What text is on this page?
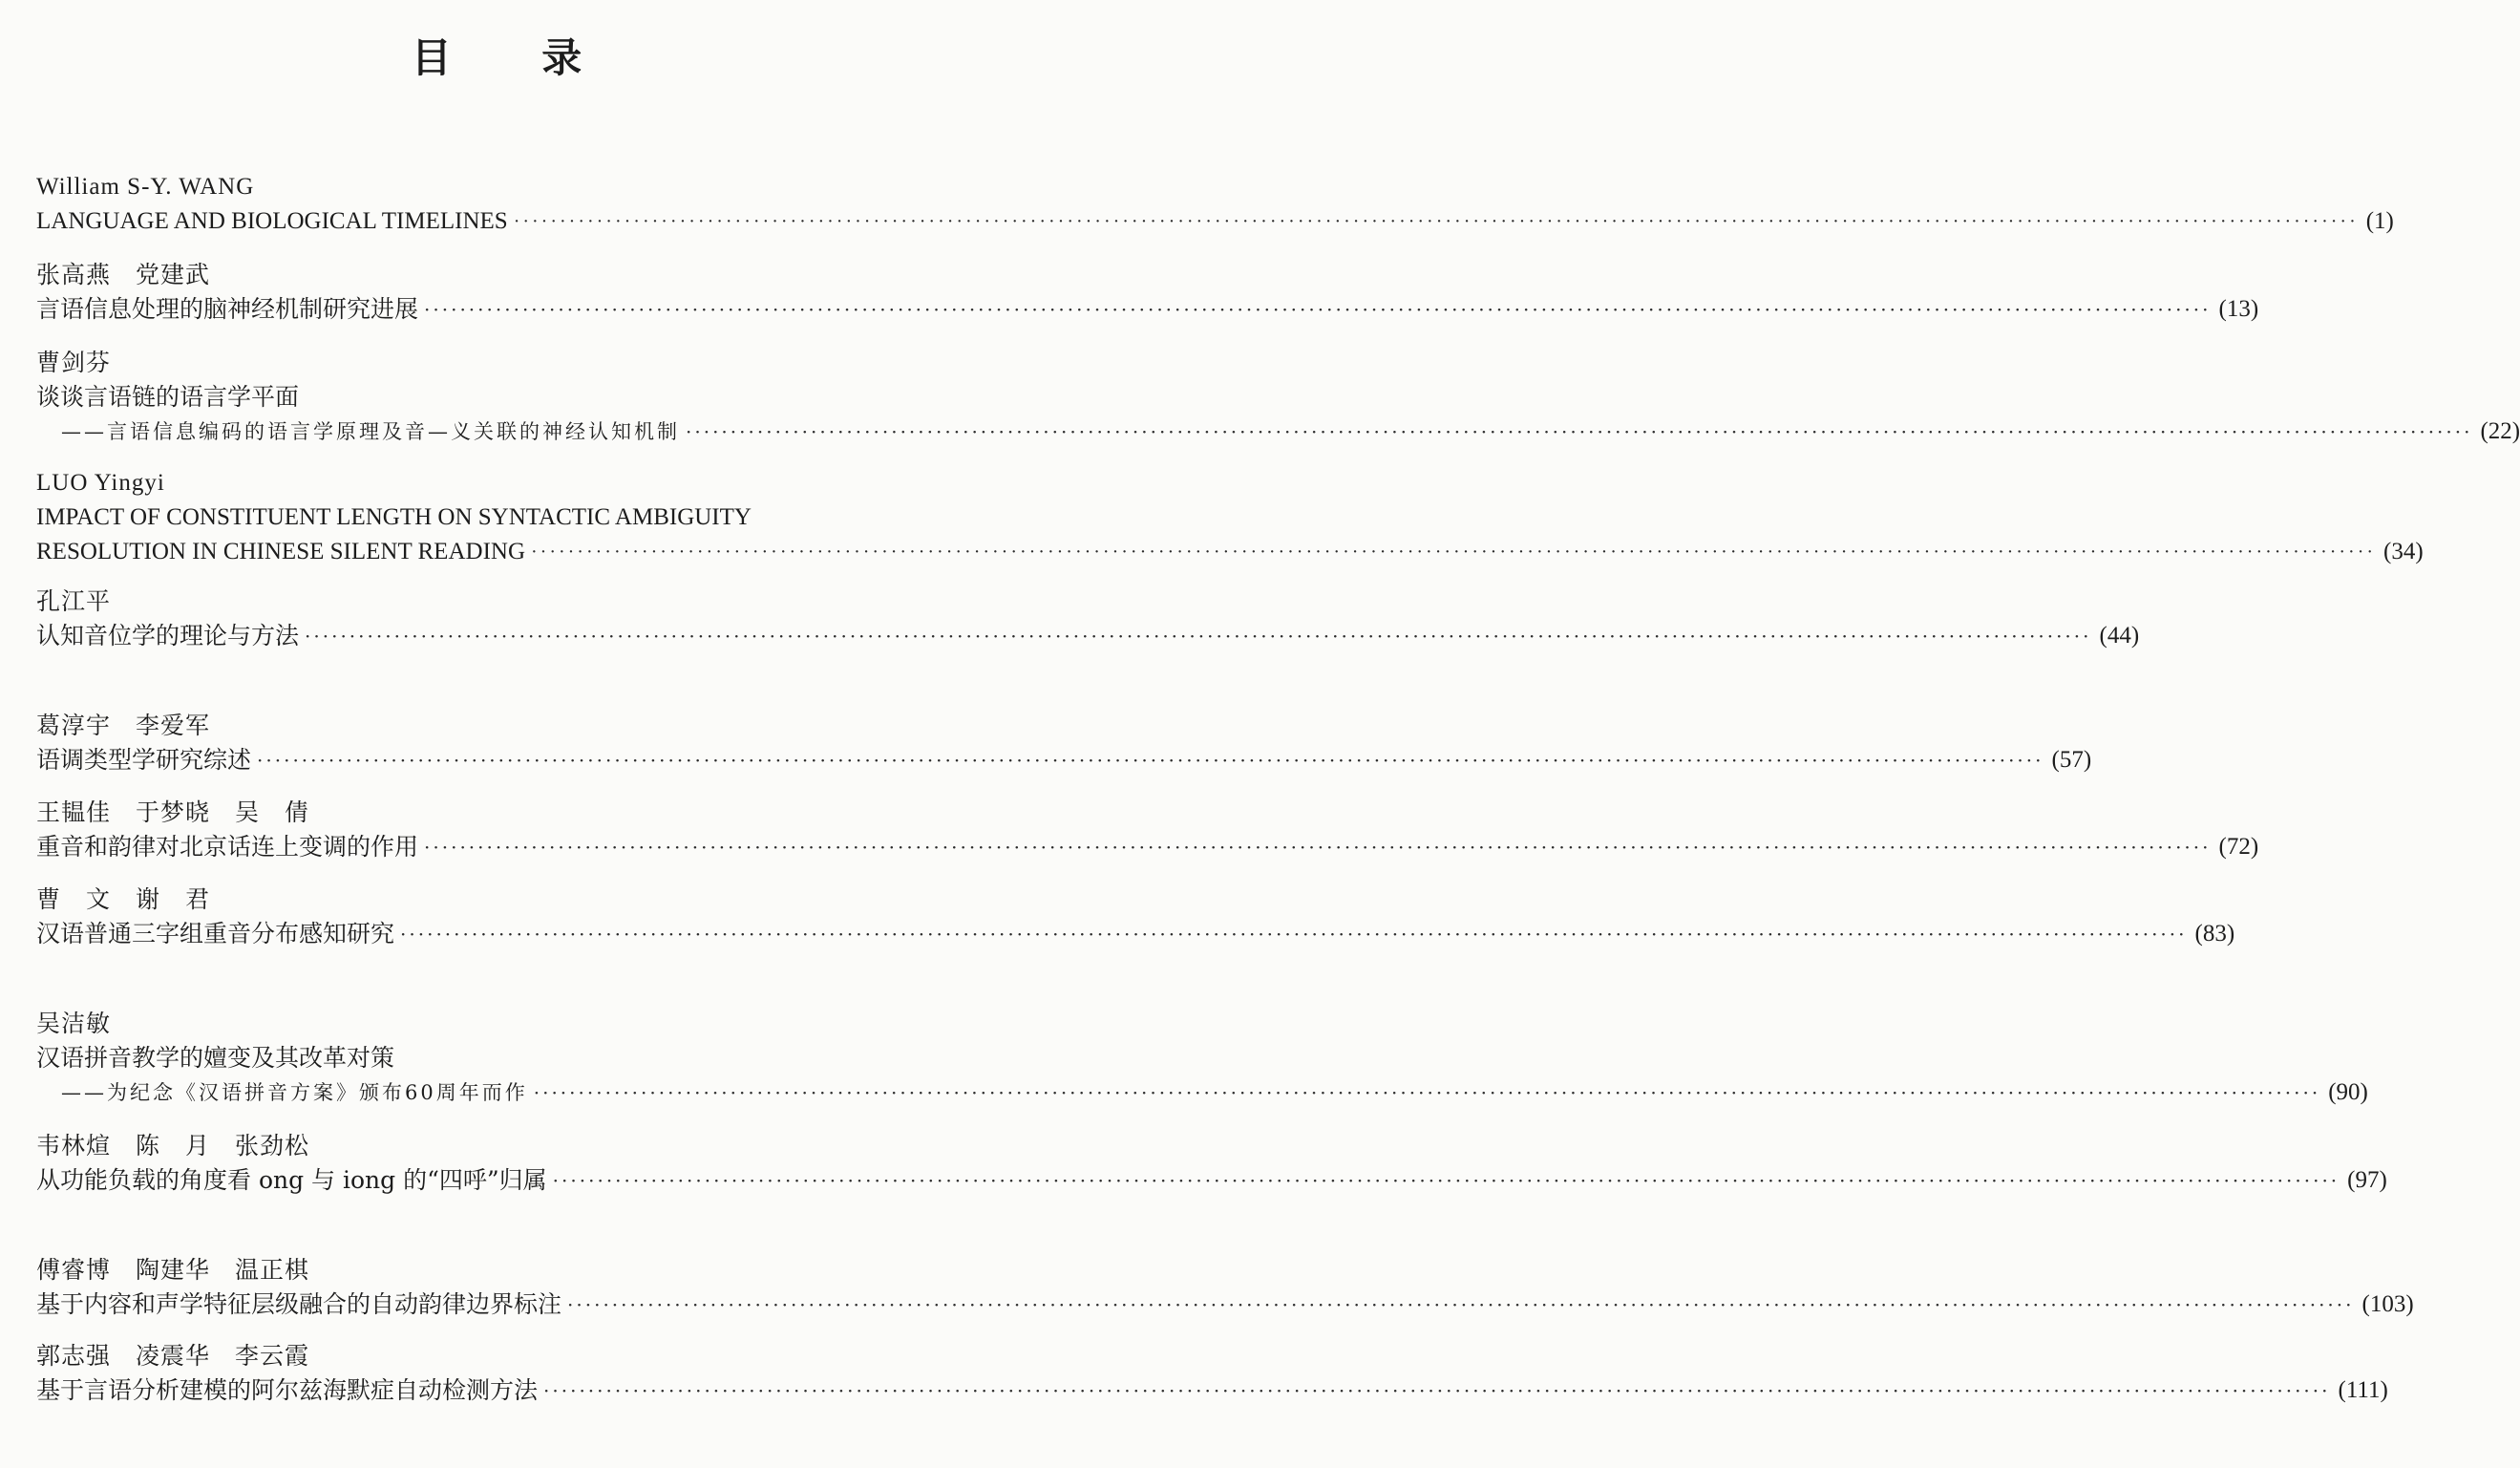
目 录
William S-Y. WANG
LANGUAGE AND BIOLOGICAL TIMELINES ········································································································································································································ (1)
张高燕　党建武
言语信息处理的脑神经机制研究进展 ········································································································································································································ (13)
曹剑芬
谈谈言语链的语言学平面
——言语信息编码的语言学原理及音—义关联的神经认知机制 ········································································································································································································ (22)
LUO Yingyi
IMPACT OF CONSTITUENT LENGTH ON SYNTACTIC AMBIGUITY
RESOLUTION IN CHINESE SILENT READING ········································································································································································································ (34)
孔江平
认知音位学的理论与方法 ········································································································································································································ (44)
葛淳宇　李爱军
语调类型学研究综述 ········································································································································································································ (57)
王韫佳　于梦晓　吴　倩
重音和韵律对北京话连上变调的作用 ········································································································································································································ (72)
曹　文　谢　君
汉语普通三字组重音分布感知研究 ········································································································································································································ (83)
吴洁敏
汉语拼音教学的嬗变及其改革对策
——为纪念《汉语拼音方案》颁布60周年而作 ········································································································································································································ (90)
韦林煊　陈　月　张劲松
从功能负载的角度看 ong 与 iong 的“四呼”归属 ········································································································································································································ (97)
傅睿博　陶建华　温正棋
基于内容和声学特征层级融合的自动韵律边界标注 ········································································································································································································ (103)
郭志强　凌震华　李云霞
基于言语分析建模的阿尔兹海默症自动检测方法 ········································································································································································································ (111)
